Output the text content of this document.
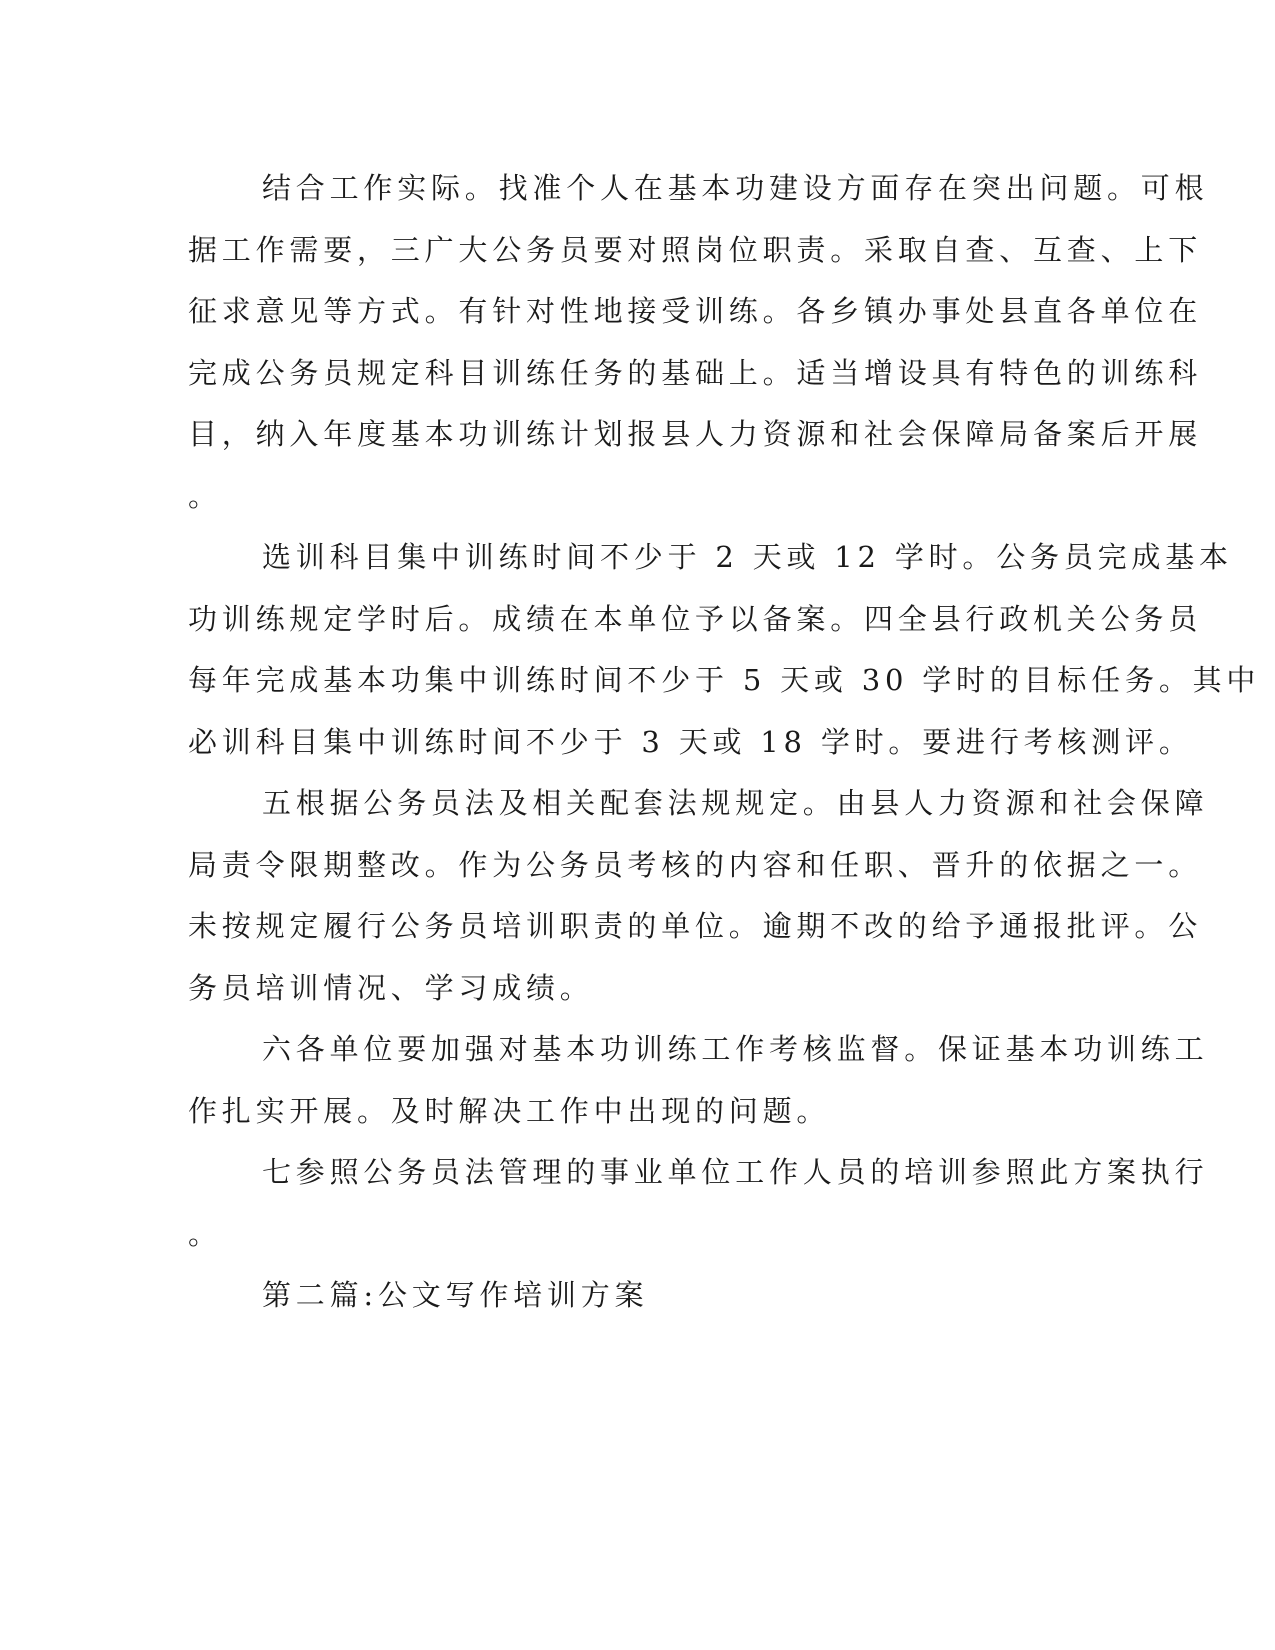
结合工作实际。找准个人在基本功建设方面存在突出问题。可根
据工作需要，三广大公务员要对照岗位职责。采取自查、互查、上下
征求意见等方式。有针对性地接受训练。各乡镇办事处县直各单位在
完成公务员规定科目训练任务的基础上。适当增设具有特色的训练科
目，纳入年度基本功训练计划报县人力资源和社会保障局备案后开展
。
选训科目集中训练时间不少于 2 天或 12 学时。公务员完成基本
功训练规定学时后。成绩在本单位予以备案。四全县行政机关公务员
每年完成基本功集中训练时间不少于 5 天或 30 学时的目标任务。其中
必训科目集中训练时间不少于 3 天或 18 学时。要进行考核测评。
五根据公务员法及相关配套法规规定。由县人力资源和社会保障
局责令限期整改。作为公务员考核的内容和任职、晋升的依据之一。
未按规定履行公务员培训职责的单位。逾期不改的给予通报批评。公
务员培训情况、学习成绩。
六各单位要加强对基本功训练工作考核监督。保证基本功训练工
作扎实开展。及时解决工作中出现的问题。
七参照公务员法管理的事业单位工作人员的培训参照此方案执行
。
第二篇:公文写作培训方案
